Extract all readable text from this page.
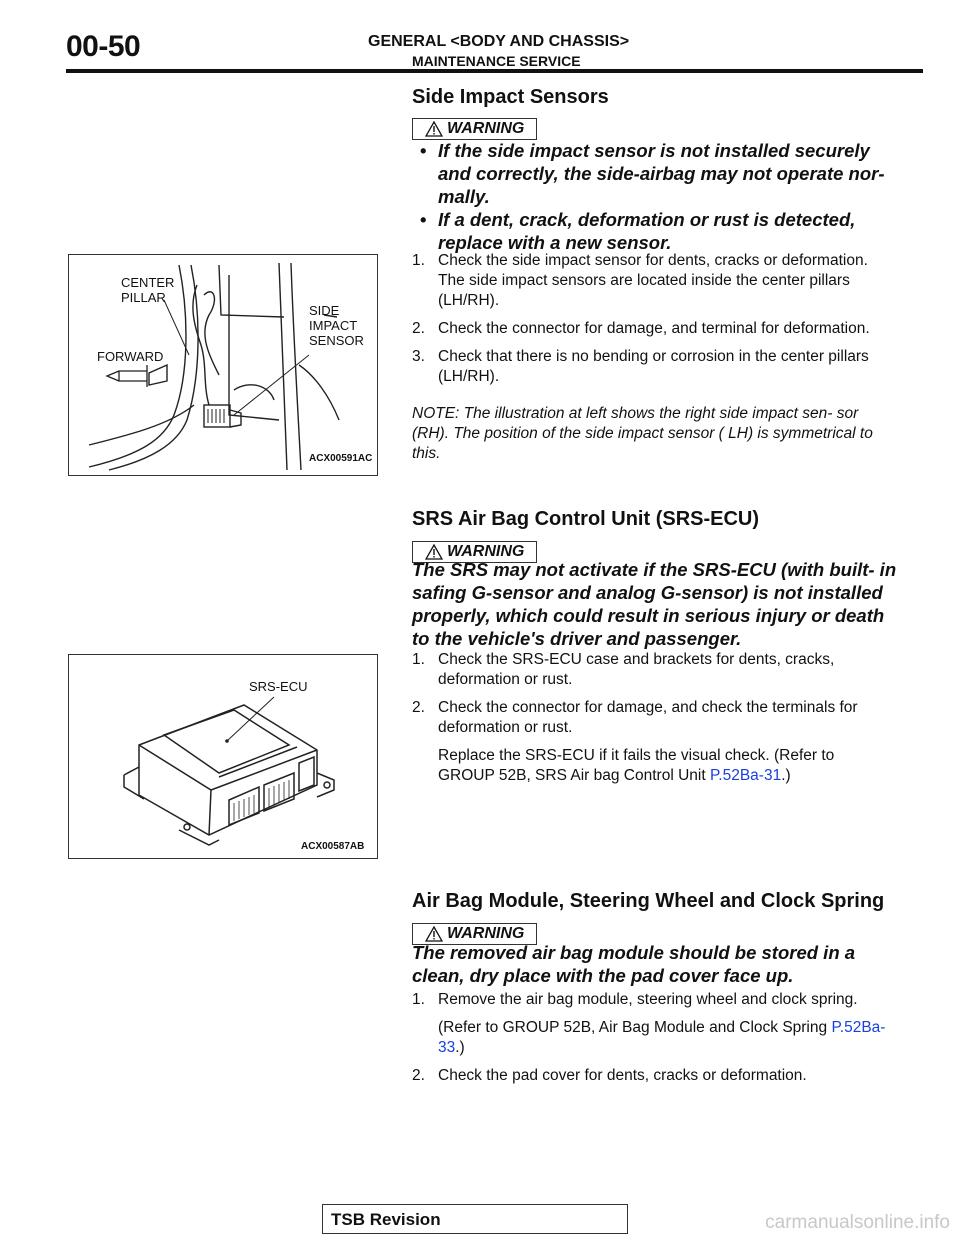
00-50	GENERAL <BODY AND CHASSIS>
MAINTENANCE SERVICE
Side Impact Sensors
WARNING
• If the side impact sensor is not installed securely and correctly, the side-airbag may not operate nor- mally.
• If a dent, crack, deformation or rust is detected, replace with a new sensor.

1. Check the side impact sensor for dents, cracks or deformation. The side impact sensors are located inside the center pillars (LH/RH).

2. Check the connector for damage, and terminal for deformation.

3. Check that there is no bending or corrosion in the center pillars (LH/RH).

NOTE: The illustration at left shows the right side impact sen- sor (RH). The position of the side impact sensor ( LH) is symmetrical to this.
CENTER
PILLAR
FORWARD
SIDE
IMPACT
SENSOR
ACX00591AC
SRS Air Bag Control Unit (SRS-ECU)
WARNING
The SRS may not activate if the SRS-ECU (with built- in safing G-sensor and analog G-sensor) is not installed properly, which could result in serious injury or death to the vehicle's driver and passenger.

1. Check the SRS-ECU case and brackets for dents, cracks, deformation or rust.

2. Check the connector for damage, and check the terminals for deformation or rust.

Replace the SRS-ECU if it fails the visual check. (Refer to GROUP 52B, SRS Air bag Control Unit P.52Ba-31.)

SRS-ECU
ACX00587AB
Air Bag Module, Steering Wheel and Clock Spring
WARNING
The removed air bag module should be stored in a clean, dry place with the pad cover face up.

1. Remove the air bag module, steering wheel and clock spring.

(Refer to GROUP 52B, Air Bag Module and Clock Spring P.52Ba-33.)

2. Check the pad cover for dents, cracks or deformation.

TSB Revision	carmanualsonline.info
